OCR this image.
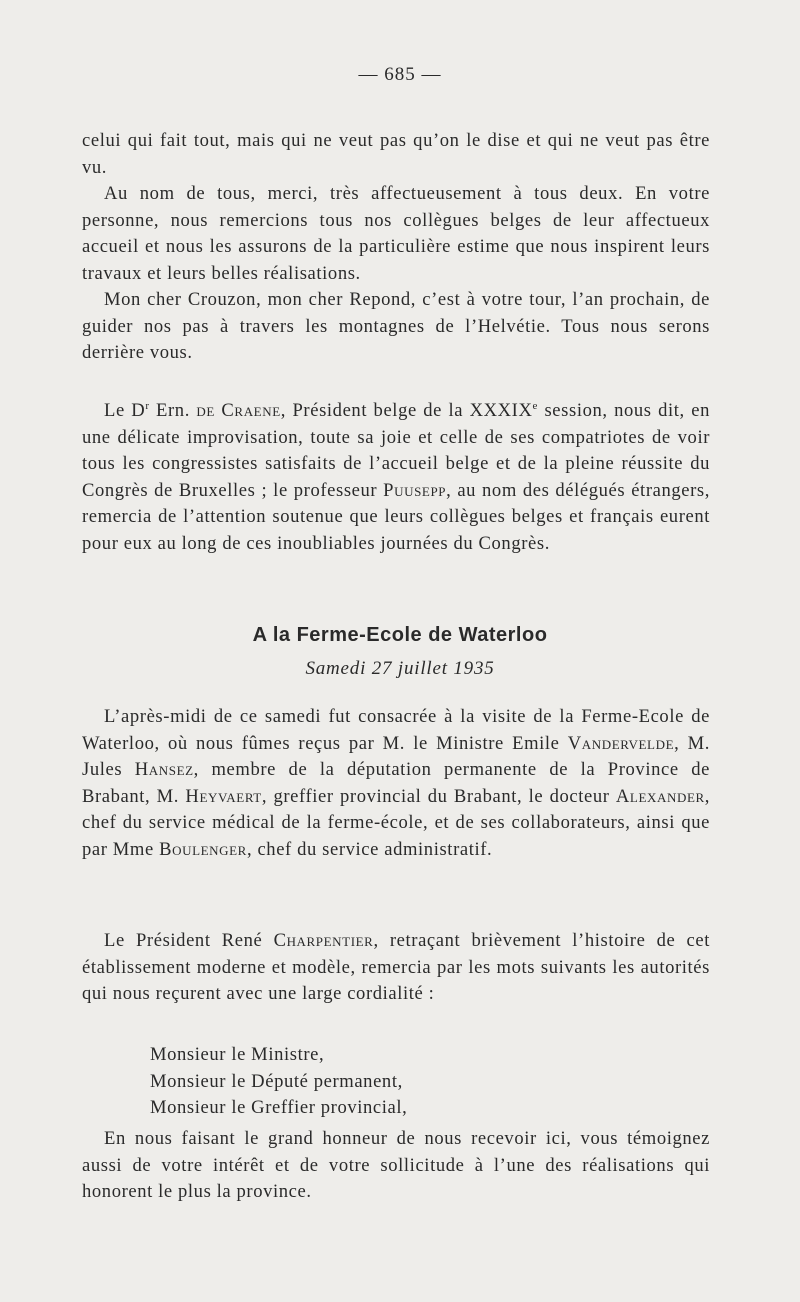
— 685 —

celui qui fait tout, mais qui ne veut pas qu’on le dise et qui ne veut pas être vu.

Au nom de tous, merci, très affectueusement à tous deux. En votre personne, nous remercions tous nos collègues belges de leur affectueux accueil et nous les assurons de la particulière estime que nous inspirent leurs travaux et leurs belles réalisations.

Mon cher Crouzon, mon cher Repond, c’est à votre tour, l’an prochain, de guider nos pas à travers les montagnes de l’Helvétie. Tous nous serons derrière vous.

Le $D^r$ Ern. de Craene, Président belge de la XXXIXe session, nous dit, en une délicate improvisation, toute sa joie et celle de ses compatriotes de voir tous les congressistes satisfaits de l’accueil belge et de la pleine réussite du Congrès de Bruxelles ; le professeur Puusepp, au nom des délégués étrangers, remercia de l’attention soutenue que leurs collègues belges et français eurent pour eux au long de ces inoubliables journées du Congrès.

A la Ferme-Ecole de Waterloo
Samedi 27 juillet 1935

L’après-midi de ce samedi fut consacrée à la visite de la Ferme-Ecole de Waterloo, où nous fûmes reçus par M. le Ministre Emile Vandervelde, M. Jules Hansez, membre de la députation permanente de la Province de Brabant, M. Heyvaert, greffier provincial du Brabant, le docteur Alexander, chef du service médical de la ferme-école, et de ses collaborateurs, ainsi que par Mme Boulenger, chef du service administratif.

Le Président René Charpentier, retraçant brièvement l’histoire de cet établissement moderne et modèle, remercia par les mots suivants les autorités qui nous reçurent avec une large cordialité :

Monsieur le Ministre,
Monsieur le Député permanent,
Monsieur le Greffier provincial,

En nous faisant le grand honneur de nous recevoir ici, vous témoignez aussi de votre intérêt et de votre sollicitude à l’une des réalisations qui honorent le plus la province.
